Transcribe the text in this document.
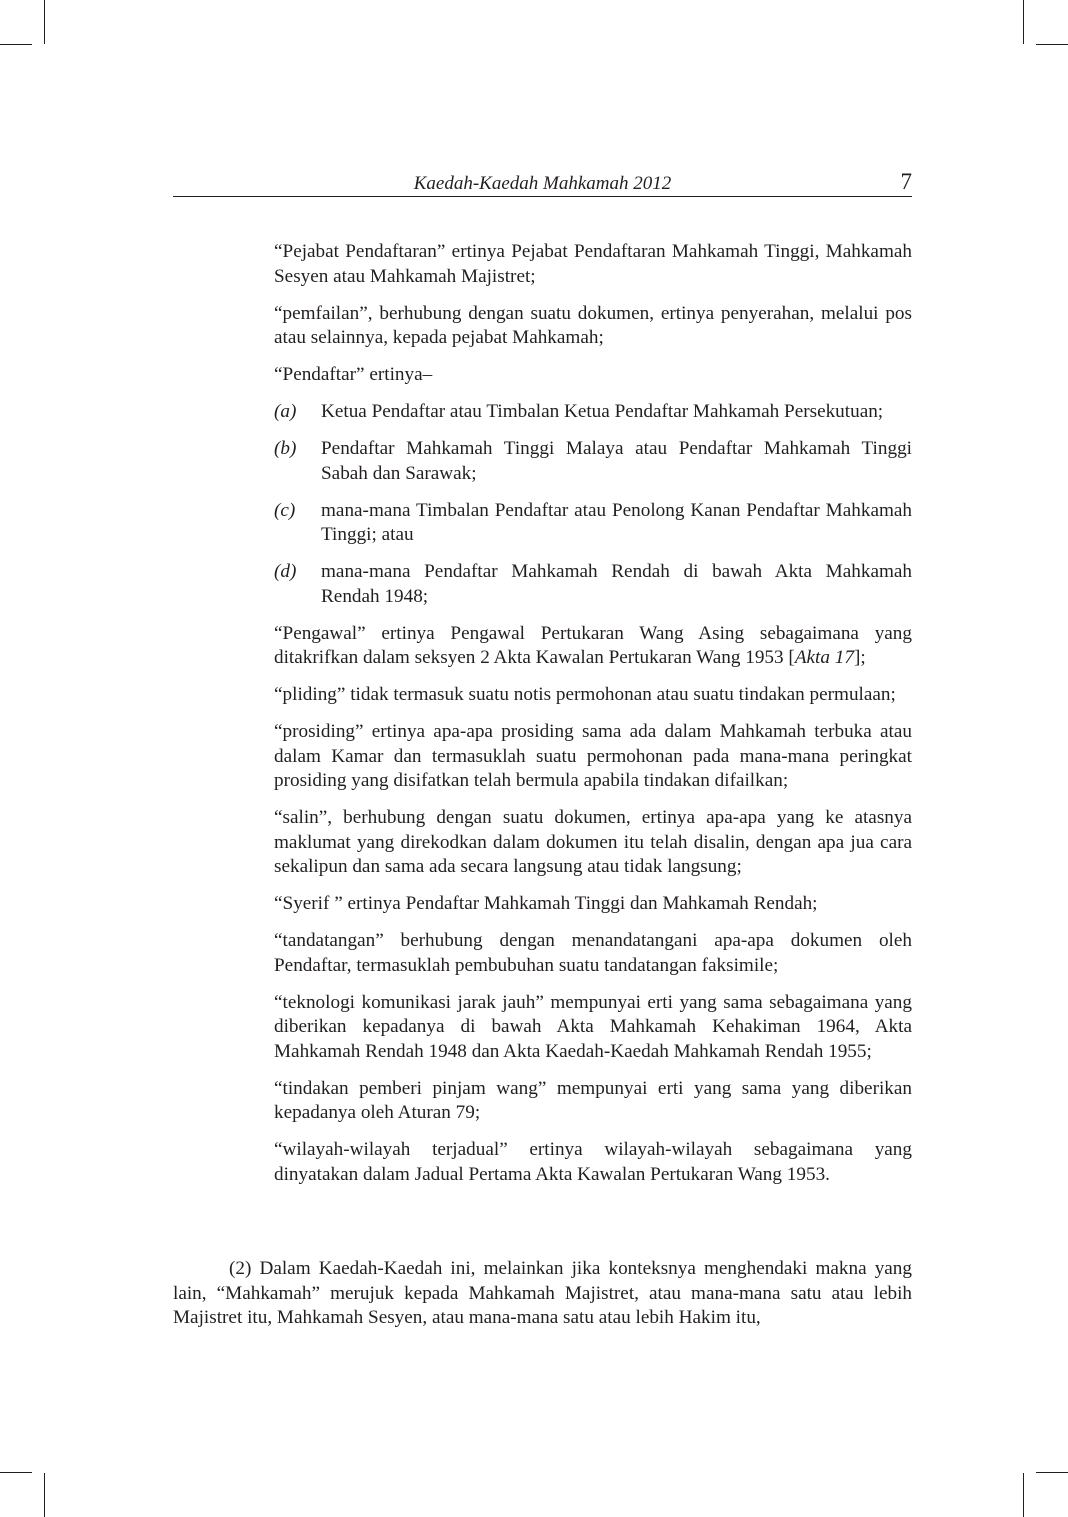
Kaedah-Kaedah Mahkamah 2012	7

“Pejabat Pendaftaran” ertinya Pejabat Pendaftaran Mahkamah Tinggi, Mahkamah Sesyen atau Mahkamah Majistret;

“pemfailan”, berhubung dengan suatu dokumen, ertinya penyerahan, melalui pos atau selainnya, kepada pejabat Mahkamah;

“Pendaftar” ertinya–

(a)	Ketua Pendaftar atau Timbalan Ketua Pendaftar Mahkamah Persekutuan;
(b)	Pendaftar Mahkamah Tinggi Malaya atau Pendaftar Mahkamah Tinggi Sabah dan Sarawak;
(c)	mana-mana Timbalan Pendaftar atau Penolong Kanan Pendaftar Mahkamah Tinggi; atau
(d)	mana-mana Pendaftar Mahkamah Rendah di bawah Akta Mahkamah Rendah 1948;

“Pengawal” ertinya Pengawal Pertukaran Wang Asing sebagaimana yang ditakrifkan dalam seksyen 2 Akta Kawalan Pertukaran Wang 1953 [Akta 17];

“pliding” tidak termasuk suatu notis permohonan atau suatu tindakan permulaan;

“prosiding” ertinya apa-apa prosiding sama ada dalam Mahkamah terbuka atau dalam Kamar dan termasuklah suatu permohonan pada mana-mana peringkat prosiding yang disifatkan telah bermula apabila tindakan difailkan;

“salin”, berhubung dengan suatu dokumen, ertinya apa-apa yang ke atasnya maklumat yang direkodkan dalam dokumen itu telah disalin, dengan apa jua cara sekalipun dan sama ada secara langsung atau tidak langsung;

“Syerif ” ertinya Pendaftar Mahkamah Tinggi dan Mahkamah Rendah;

“tandatangan” berhubung dengan menandatangani apa-apa dokumen oleh Pendaftar, termasuklah pembubuhan suatu tandatangan faksimile;

“teknologi komunikasi jarak jauh” mempunyai erti yang sama sebagaimana yang diberikan kepadanya di bawah Akta Mahkamah Kehakiman 1964, Akta Mahkamah Rendah 1948 dan Akta Kaedah-Kaedah Mahkamah Rendah 1955;

“tindakan pemberi pinjam wang” mempunyai erti yang sama yang diberikan kepadanya oleh Aturan 79;

“wilayah-wilayah terjadual” ertinya wilayah-wilayah sebagaimana yang dinyatakan dalam Jadual Pertama Akta Kawalan Pertukaran Wang 1953.

(2) Dalam Kaedah-Kaedah ini, melainkan jika konteksnya menghendaki makna yang lain, “Mahkamah” merujuk kepada Mahkamah Majistret, atau mana-mana satu atau lebih Majistret itu, Mahkamah Sesyen, atau mana-mana satu atau lebih Hakim itu,
